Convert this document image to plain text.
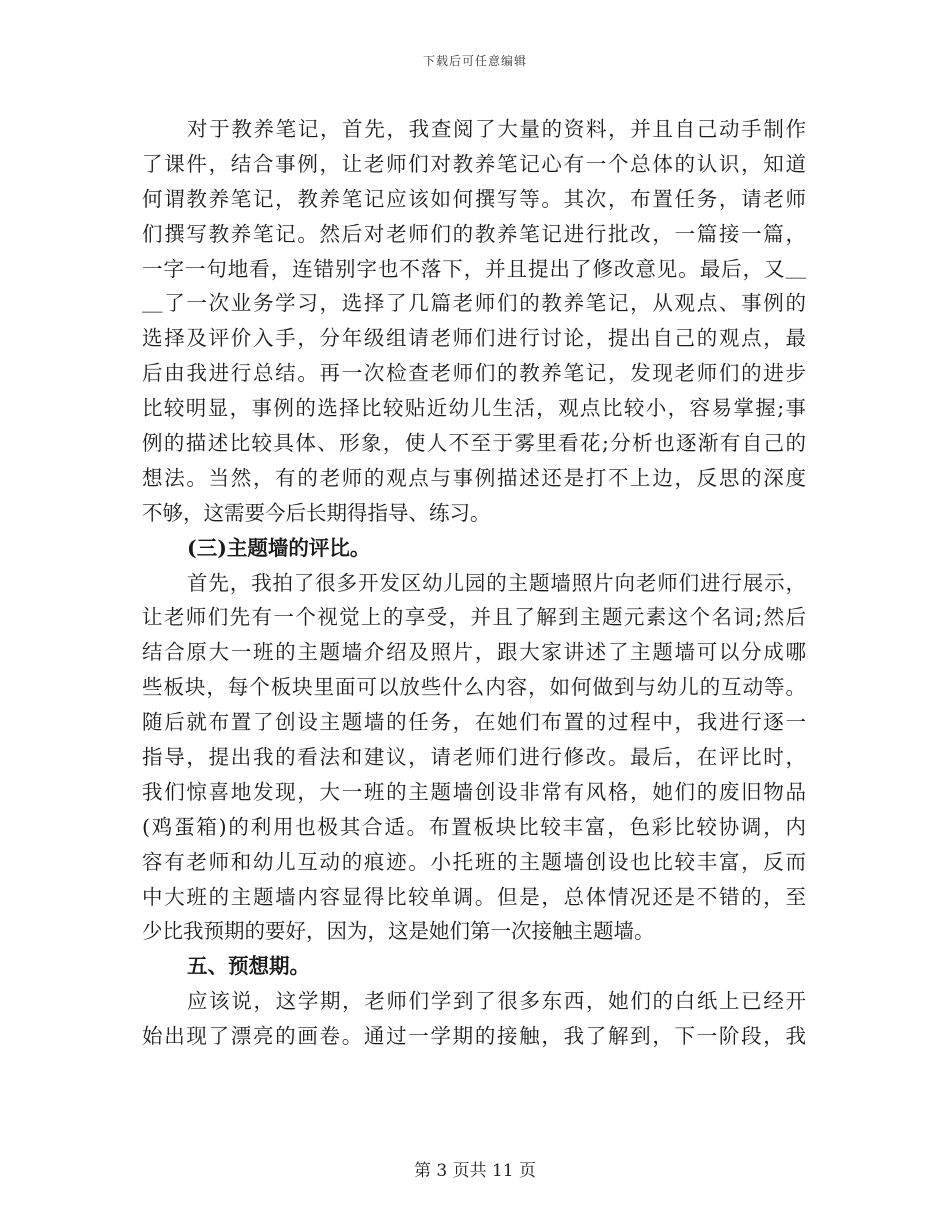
下载后可任意编辑
对于教养笔记，首先，我查阅了大量的资料，并且自己动手制作
了课件，结合事例，让老师们对教养笔记心有一个总体的认识，知道
何谓教养笔记，教养笔记应该如何撰写等。其次，布置任务，请老师
们撰写教养笔记。然后对老师们的教养笔记进行批改，一篇接一篇，
一字一句地看，连错别字也不落下，并且提出了修改意见。最后，又＿
＿了一次业务学习，选择了几篇老师们的教养笔记，从观点、事例的
选择及评价入手，分年级组请老师们进行讨论，提出自己的观点，最
后由我进行总结。再一次检查老师们的教养笔记，发现老师们的进步
比较明显，事例的选择比较贴近幼儿生活，观点比较小，容易掌握;事
例的描述比较具体、形象，使人不至于雾里看花;分析也逐渐有自己的
想法。当然，有的老师的观点与事例描述还是打不上边，反思的深度
不够，这需要今后长期得指导、练习。
(三)主题墙的评比。
首先，我拍了很多开发区幼儿园的主题墙照片向老师们进行展示，
让老师们先有一个视觉上的享受，并且了解到主题元素这个名词;然后
结合原大一班的主题墙介绍及照片，跟大家讲述了主题墙可以分成哪
些板块，每个板块里面可以放些什么内容，如何做到与幼儿的互动等。
随后就布置了创设主题墙的任务，在她们布置的过程中，我进行逐一
指导，提出我的看法和建议，请老师们进行修改。最后，在评比时，
我们惊喜地发现，大一班的主题墙创设非常有风格，她们的废旧物品
(鸡蛋箱)的利用也极其合适。布置板块比较丰富，色彩比较协调，内
容有老师和幼儿互动的痕迹。小托班的主题墙创设也比较丰富，反而
中大班的主题墙内容显得比较单调。但是，总体情况还是不错的，至
少比我预期的要好，因为，这是她们第一次接触主题墙。
五、预想期。
应该说，这学期，老师们学到了很多东西，她们的白纸上已经开
始出现了漂亮的画卷。通过一学期的接触，我了解到，下一阶段，我
第 3 页共 11 页
